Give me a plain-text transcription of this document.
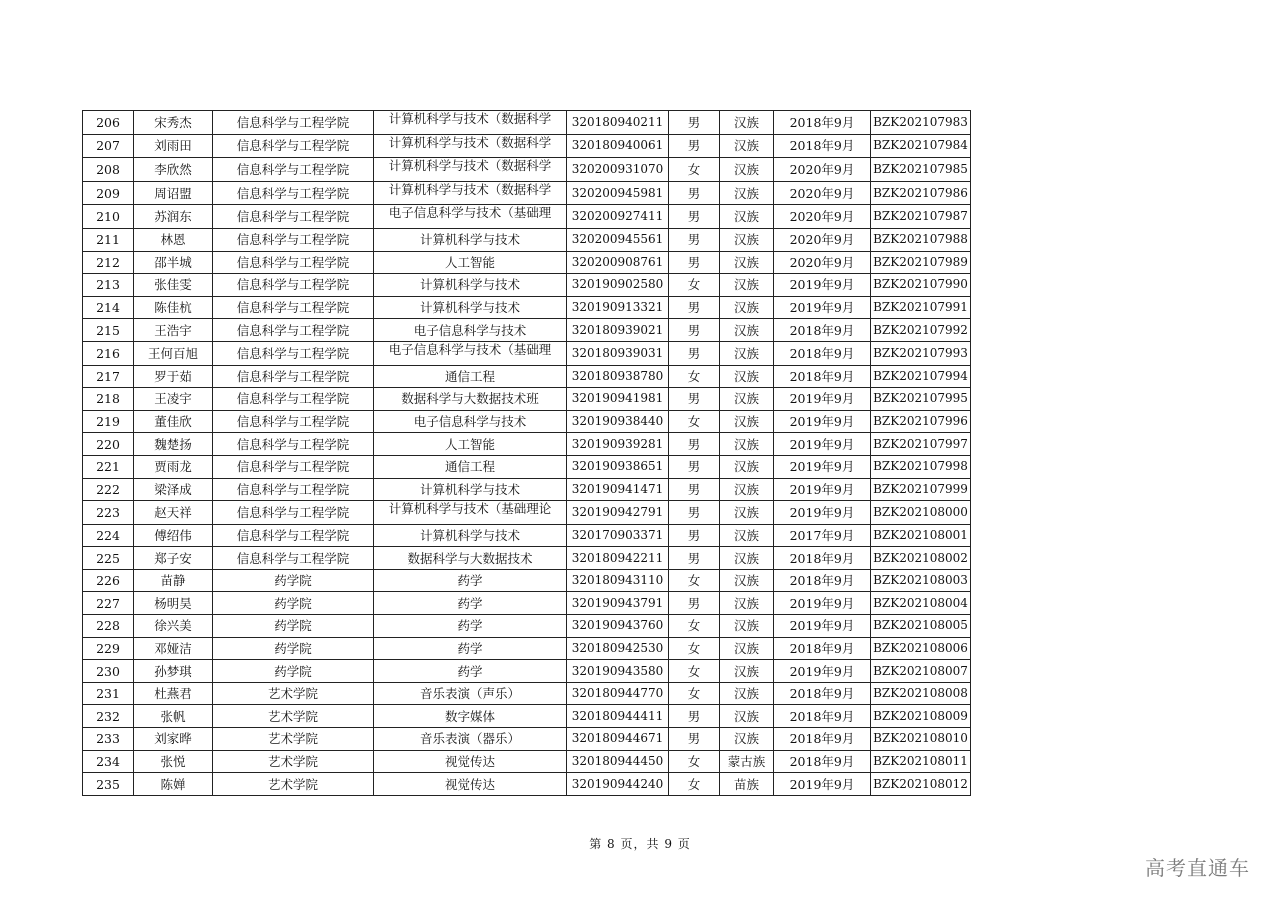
206	宋秀杰	信息科学与工程学院	计算机科学与技术（数据科学	320180940211	男	汉族	2018年9月	BZK202107983
207	刘雨田	信息科学与工程学院	计算机科学与技术（数据科学	320180940061	男	汉族	2018年9月	BZK202107984
208	李欣然	信息科学与工程学院	计算机科学与技术（数据科学	320200931070	女	汉族	2020年9月	BZK202107985
209	周诏盟	信息科学与工程学院	计算机科学与技术（数据科学	320200945981	男	汉族	2020年9月	BZK202107986
210	苏润东	信息科学与工程学院	电子信息科学与技术（基础理	320200927411	男	汉族	2020年9月	BZK202107987
211	林恩	信息科学与工程学院	计算机科学与技术	320200945561	男	汉族	2020年9月	BZK202107988
212	邵半城	信息科学与工程学院	人工智能	320200908761	男	汉族	2020年9月	BZK202107989
213	张佳雯	信息科学与工程学院	计算机科学与技术	320190902580	女	汉族	2019年9月	BZK202107990
214	陈佳杭	信息科学与工程学院	计算机科学与技术	320190913321	男	汉族	2019年9月	BZK202107991
215	王浩宇	信息科学与工程学院	电子信息科学与技术	320180939021	男	汉族	2018年9月	BZK202107992
216	王何百旭	信息科学与工程学院	电子信息科学与技术（基础理	320180939031	男	汉族	2018年9月	BZK202107993
217	罗于茹	信息科学与工程学院	通信工程	320180938780	女	汉族	2018年9月	BZK202107994
218	王凌宇	信息科学与工程学院	数据科学与大数据技术班	320190941981	男	汉族	2019年9月	BZK202107995
219	董佳欣	信息科学与工程学院	电子信息科学与技术	320190938440	女	汉族	2019年9月	BZK202107996
220	魏楚扬	信息科学与工程学院	人工智能	320190939281	男	汉族	2019年9月	BZK202107997
221	贾雨龙	信息科学与工程学院	通信工程	320190938651	男	汉族	2019年9月	BZK202107998
222	梁泽成	信息科学与工程学院	计算机科学与技术	320190941471	男	汉族	2019年9月	BZK202107999
223	赵天祥	信息科学与工程学院	计算机科学与技术（基础理论	320190942791	男	汉族	2019年9月	BZK202108000
224	傅绍伟	信息科学与工程学院	计算机科学与技术	320170903371	男	汉族	2017年9月	BZK202108001
225	郑子安	信息科学与工程学院	数据科学与大数据技术	320180942211	男	汉族	2018年9月	BZK202108002
226	苗静	药学院	药学	320180943110	女	汉族	2018年9月	BZK202108003
227	杨明昊	药学院	药学	320190943791	男	汉族	2019年9月	BZK202108004
228	徐兴美	药学院	药学	320190943760	女	汉族	2019年9月	BZK202108005
229	邓娅洁	药学院	药学	320180942530	女	汉族	2018年9月	BZK202108006
230	孙梦琪	药学院	药学	320190943580	女	汉族	2019年9月	BZK202108007
231	杜燕君	艺术学院	音乐表演（声乐）	320180944770	女	汉族	2018年9月	BZK202108008
232	张帆	艺术学院	数字媒体	320180944411	男	汉族	2018年9月	BZK202108009
233	刘家晔	艺术学院	音乐表演（器乐）	320180944671	男	汉族	2018年9月	BZK202108010
234	张悦	艺术学院	视觉传达	320180944450	女	蒙古族	2018年9月	BZK202108011
235	陈婵	艺术学院	视觉传达	320190944240	女	苗族	2019年9月	BZK202108012
第 8 页，共 9 页
高考直通车
